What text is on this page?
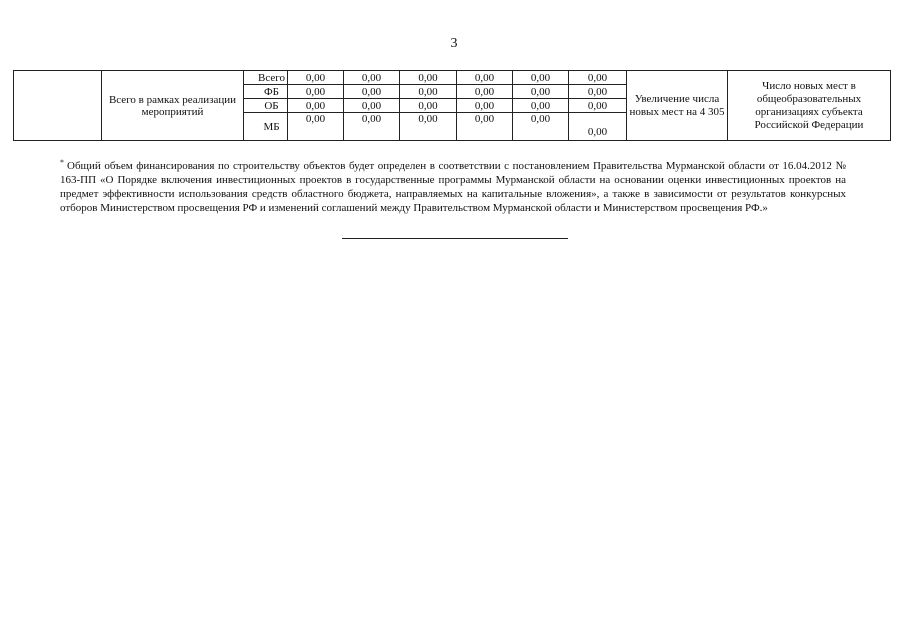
3
	Всего в рамках реализации мероприятий	Всего	0,00	0,00	0,00	0,00	0,00	0,00	Увеличение числа новых мест на 4 305	Число новых мест в общеобразовательных организациях субъекта Российской Федерации
		ФБ	0,00	0,00	0,00	0,00	0,00	0,00		
		ОБ	0,00	0,00	0,00	0,00	0,00	0,00		
		МБ	0,00	0,00	0,00	0,00	0,00	0,00		
* Общий объем финансирования по строительству объектов будет определен в соответствии с постановлением Правительства Мурманской области от 16.04.2012 № 163-ПП «О Порядке включения инвестиционных проектов в государственные программы Мурманской области на основании оценки инвестиционных проектов на предмет эффективности использования средств областного бюджета, направляемых на капитальные вложения», а также в зависимости от результатов конкурсных отборов Министерством просвещения РФ и изменений соглашений между Правительством Мурманской области и Министерством просвещения РФ.»
